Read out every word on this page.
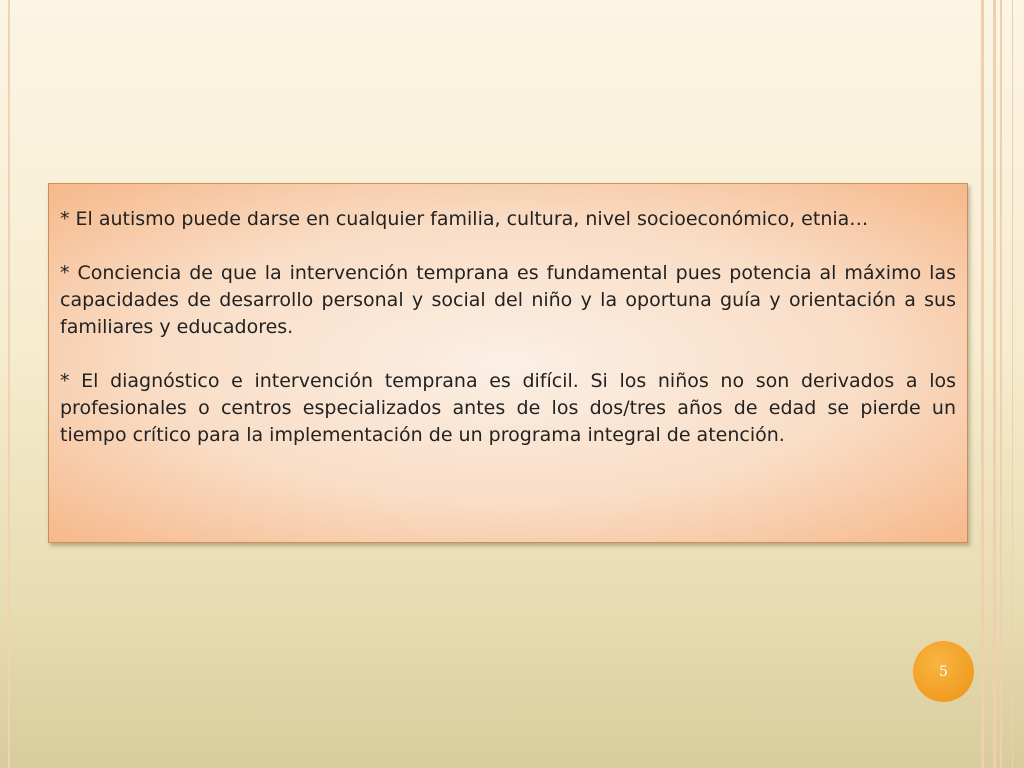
* El autismo puede darse en cualquier familia, cultura, nivel socioeconómico, etnia…

* Conciencia de que la intervención temprana es fundamental pues potencia al máximo las capacidades de desarrollo personal y social del niño y la oportuna guía y orientación a sus familiares y educadores.

* El diagnóstico e intervención temprana es difícil. Si los niños no son derivados a los profesionales o centros especializados antes de los dos/tres años de edad se pierde un tiempo crítico para la implementación de un programa integral de atención.

5
